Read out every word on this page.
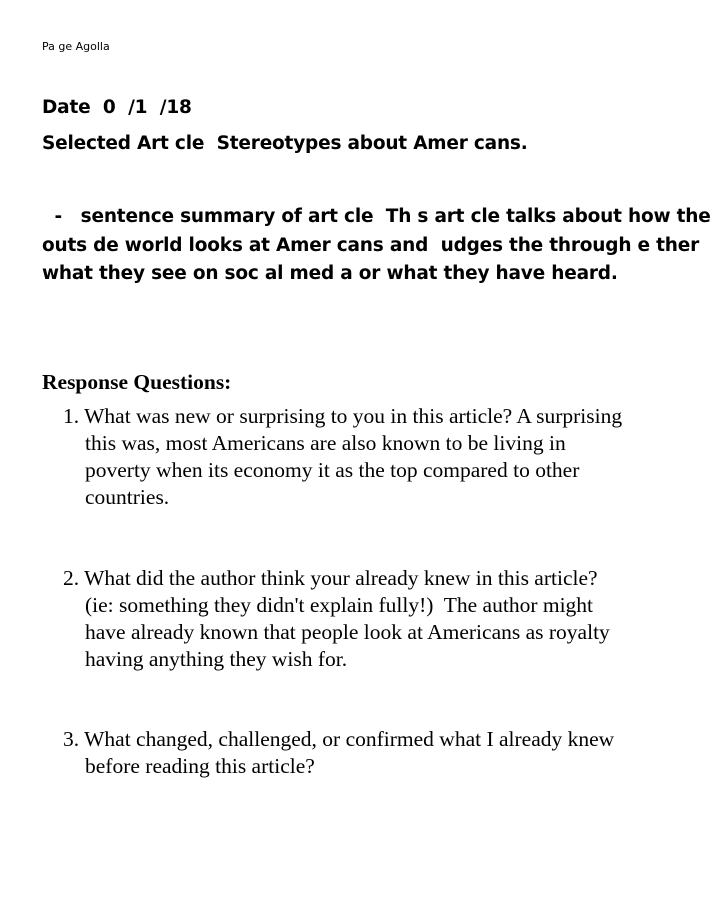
Pa ge Agolla
Date  0  /1  /18
Selected Art cle  Stereotypes about Amer cans.
-   sentence summary of art cle  Th s art cle talks about how the
outs de world looks at Amer cans and  udges the through e ther
what they see on soc al med a or what they have heard.
Response Questions:
1. What was new or surprising to you in this article? A surprising
this was, most Americans are also known to be living in
poverty when its economy it as the top compared to other
countries.
2. What did the author think your already knew in this article?
(ie: something they didn't explain fully!)  The author might
have already known that people look at Americans as royalty
having anything they wish for.
3. What changed, challenged, or confirmed what I already knew
before reading this article?
